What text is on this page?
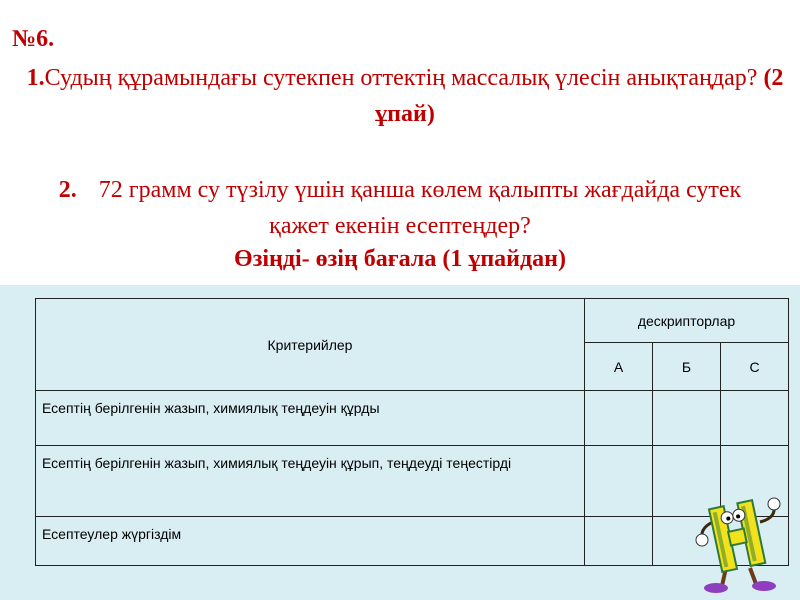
№6.
1.Судың құрамындағы сутекпен оттектің массалық үлесін анықтаңдар? (2 ұпай)
2. 72 грамм су түзілу үшін қанша көлем қалыпты жағдайда сутек қажет екенін есептеңдер?
Өзіңді- өзің бағала (1 ұпайдан)
Критерийлер	дескрипторлар		
	А	Б	С
Есептің берілгенін жазып, химиялық теңдеуін құрды			
Есептің берілгенін жазып, химиялық теңдеуін құрып, теңдеуді теңестірді			
Есептеулер жүргіздім			
